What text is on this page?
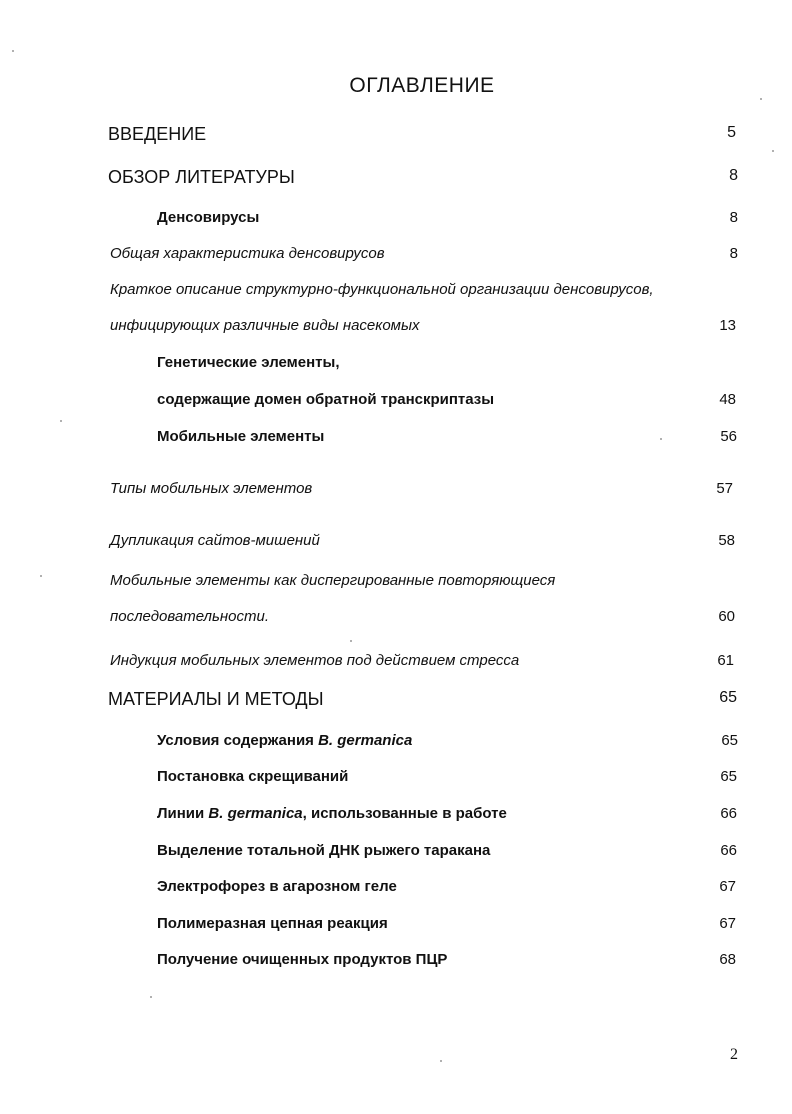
ОГЛАВЛЕНИЕ
ВВЕДЕНИЕ	5
ОБЗОР ЛИТЕРАТУРЫ	8
Денсовирусы	8
Общая характеристика денсовирусов	8
Краткое описание структурно-функциональной организации денсовирусов,
инфицирующих различные виды насекомых	13
Генетические элементы,
содержащие домен обратной транскриптазы	48
Мобильные элементы	56
Типы мобильных элементов	57
Дупликация сайтов-мишений	58
Мобильные элементы как диспергированные повторяющиеся
последовательности.	60
Индукция мобильных элементов под действием стресса	61
МАТЕРИАЛЫ И МЕТОДЫ	65
Условия содержания B. germanica	65
Постановка скрещиваний	65
Линии B. germanica, использованные в работе	66
Выделение тотальной ДНК рыжего таракана	66
Электрофорез в агарозном геле	67
Полимеразная цепная реакция	67
Получение очищенных продуктов ПЦР	68
2
